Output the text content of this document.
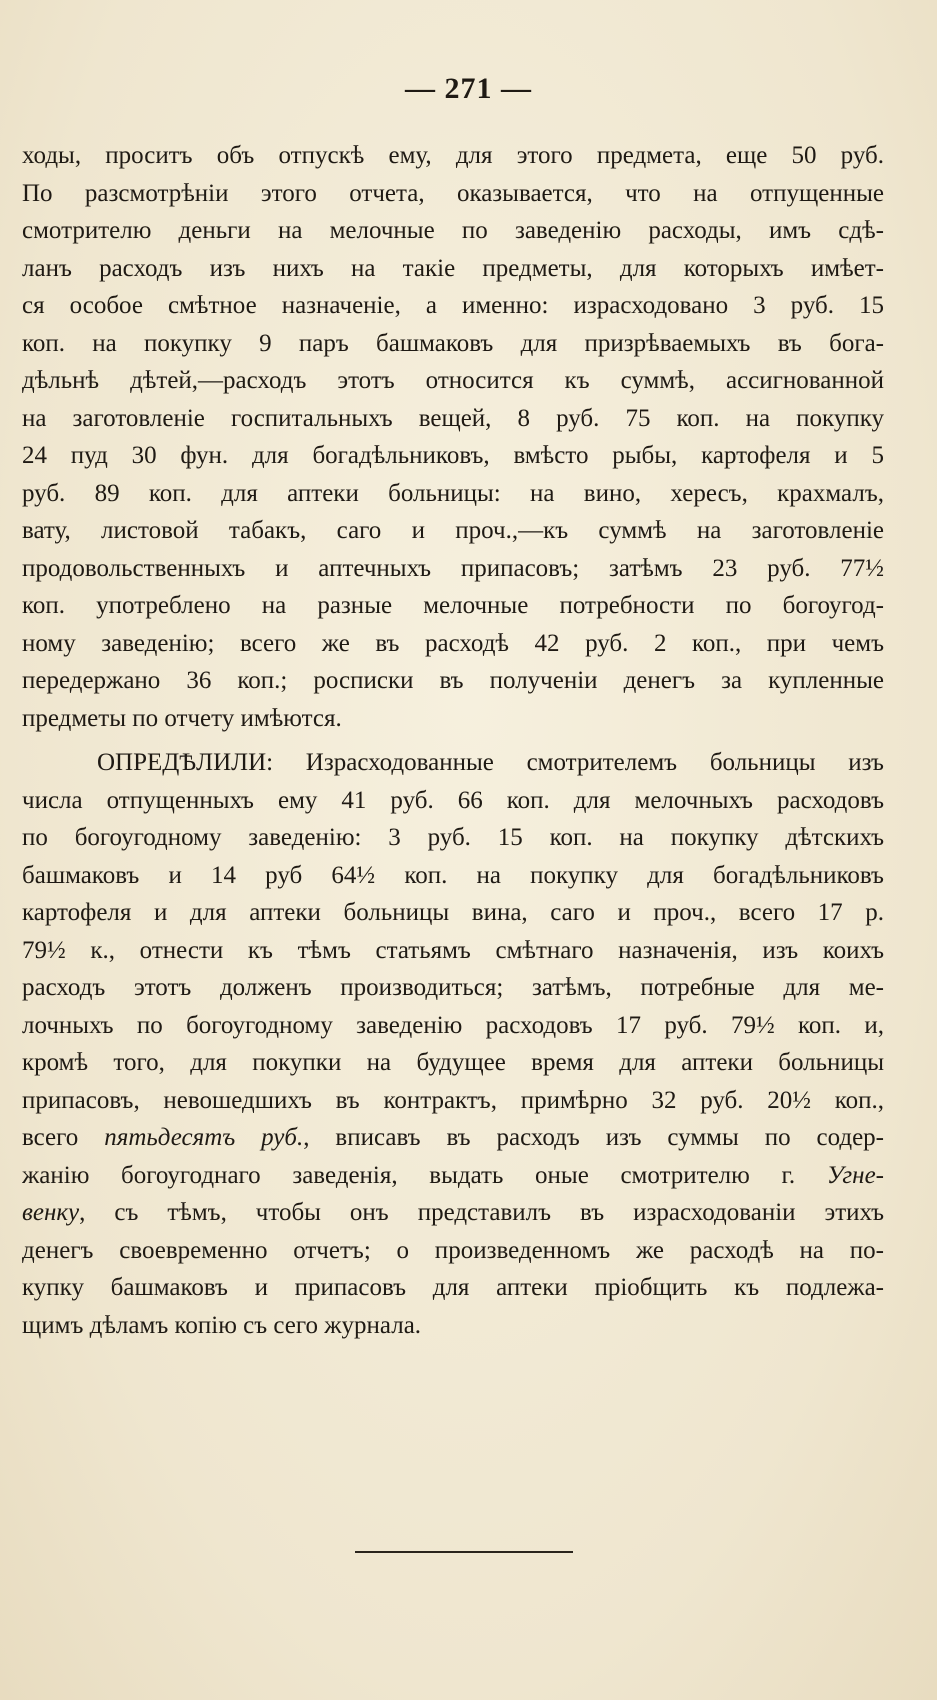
— 271 —
ходы, проситъ объ отпускѣ ему, для этого предмета, еще 50 руб.
По разсмотрѣніи этого отчета, оказывается, что на отпущенные
смотрителю деньги на мелочные по заведенію расходы, имъ сдѣ-
ланъ расходъ изъ нихъ на такіе предметы, для которыхъ имѣет-
ся особое смѣтное назначеніе, а именно: израсходовано 3 руб. 15
коп. на покупку 9 паръ башмаковъ для призрѣваемыхъ въ бога-
дѣльнѣ дѣтей,—расходъ этотъ относится къ суммѣ, ассигнованной
на заготовленіе госпитальныхъ вещей, 8 руб. 75 коп. на покупку
24 пуд 30 фун. для богадѣльниковъ, вмѣсто рыбы, картофеля и 5
руб. 89 коп. для аптеки больницы: на вино, хересъ, крахмалъ,
вату, листовой табакъ, саго и проч.,—къ суммѣ на заготовленіе
продовольственныхъ и аптечныхъ припасовъ; затѣмъ 23 руб. 77½
коп. употреблено на разные мелочные потребности по богоугод-
ному заведенію; всего же въ расходѣ 42 руб. 2 коп., при чемъ
передержано 36 коп.; росписки въ полученіи денегъ за купленные
предметы по отчету имѣются.
ОПРЕДѢЛИЛИ: Израсходованные смотрителемъ больницы изъ
числа отпущенныхъ ему 41 руб. 66 коп. для мелочныхъ расходовъ
по богоугодному заведенію: 3 руб. 15 коп. на покупку дѣтскихъ
башмаковъ и 14 руб 64½ коп. на покупку для богадѣльниковъ
картофеля и для аптеки больницы вина, саго и проч., всего 17 р.
79½ к., отнести къ тѣмъ статьямъ смѣтнаго назначенія, изъ коихъ
расходъ этотъ долженъ производиться; затѣмъ, потребные для ме-
лочныхъ по богоугодному заведенію расходовъ 17 руб. 79½ коп. и,
кромѣ того, для покупки на будущее время для аптеки больницы
припасовъ, невошедшихъ въ контрактъ, примѣрно 32 руб. 20½ коп.,
всего пятьдесятъ руб., вписавъ въ расходъ изъ суммы по содер-
жанію богоугоднаго заведенія, выдать оные смотрителю г. Угне-
венку, съ тѣмъ, чтобы онъ представилъ въ израсходованіи этихъ
денегъ своевременно отчетъ; о произведенномъ же расходѣ на по-
купку башмаковъ и припасовъ для аптеки пріобщить къ подлежа-
щимъ дѣламъ копію съ сего журнала.
